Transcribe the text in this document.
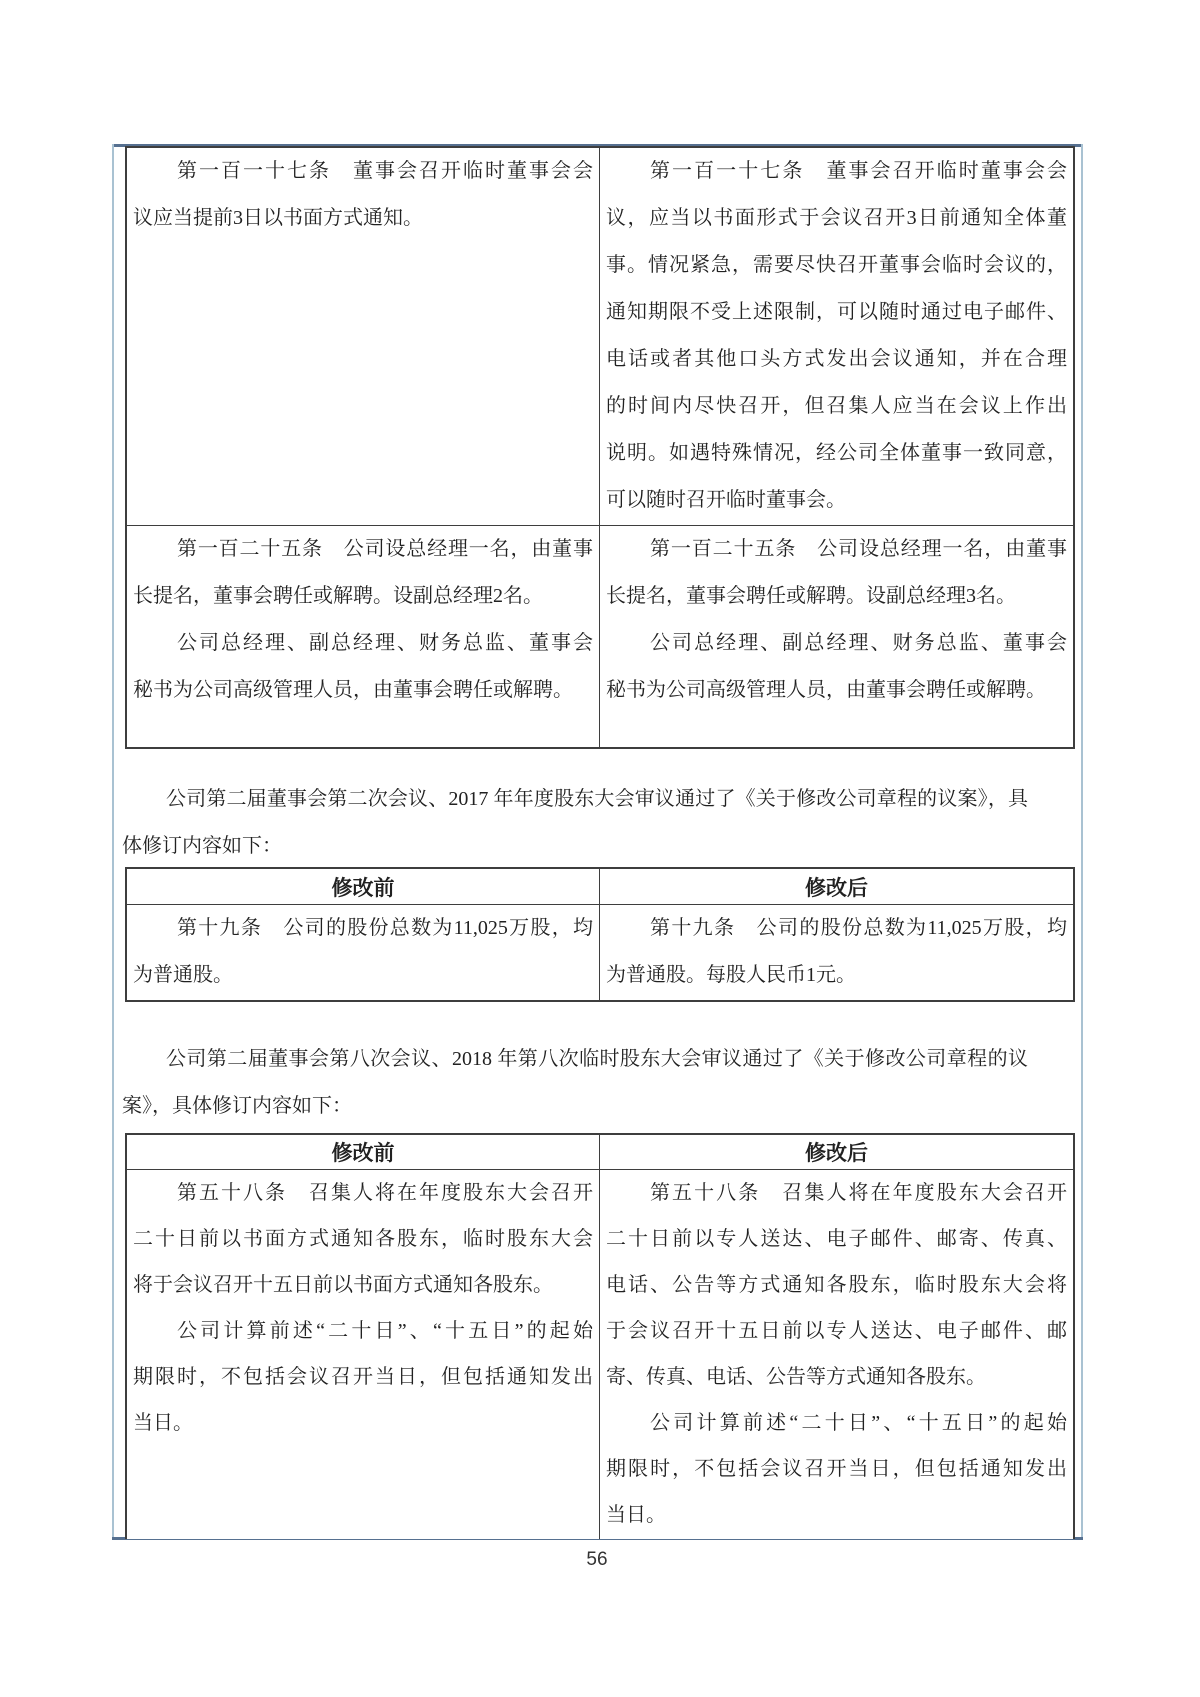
第一百一十七条　董事会召开临时董事会会
议应当提前3日以书面方式通知。
第一百一十七条　董事会召开临时董事会会
议，应当以书面形式于会议召开3日前通知全体董
事。情况紧急，需要尽快召开董事会临时会议的，
通知期限不受上述限制，可以随时通过电子邮件、
电话或者其他口头方式发出会议通知，并在合理
的时间内尽快召开，但召集人应当在会议上作出
说明。如遇特殊情况，经公司全体董事一致同意，
可以随时召开临时董事会。
第一百二十五条　公司设总经理一名，由董事
长提名，董事会聘任或解聘。设副总经理2名。
公司总经理、副总经理、财务总监、董事会
秘书为公司高级管理人员，由董事会聘任或解聘。
第一百二十五条　公司设总经理一名，由董事
长提名，董事会聘任或解聘。设副总经理3名。
公司总经理、副总经理、财务总监、董事会
秘书为公司高级管理人员，由董事会聘任或解聘。
公司第二届董事会第二次会议、2017 年年度股东大会审议通过了《关于修改公司章程的议案》，具
体修订内容如下：
修改前	修改后
第十九条　公司的股份总数为11,025万股，均
为普通股。
第十九条　公司的股份总数为11,025万股，均
为普通股。每股人民币1元。
公司第二届董事会第八次会议、2018 年第八次临时股东大会审议通过了《关于修改公司章程的议
案》，具体修订内容如下：
修改前	修改后
第五十八条　召集人将在年度股东大会召开
二十日前以书面方式通知各股东，临时股东大会
将于会议召开十五日前以书面方式通知各股东。
公司计算前述“二十日”、“十五日”的起始
期限时，不包括会议召开当日，但包括通知发出
当日。
第五十八条　召集人将在年度股东大会召开
二十日前以专人送达、电子邮件、邮寄、传真、
电话、公告等方式通知各股东，临时股东大会将
于会议召开十五日前以专人送达、电子邮件、邮
寄、传真、电话、公告等方式通知各股东。
公司计算前述“二十日”、“十五日”的起始
期限时，不包括会议召开当日，但包括通知发出
当日。
56
